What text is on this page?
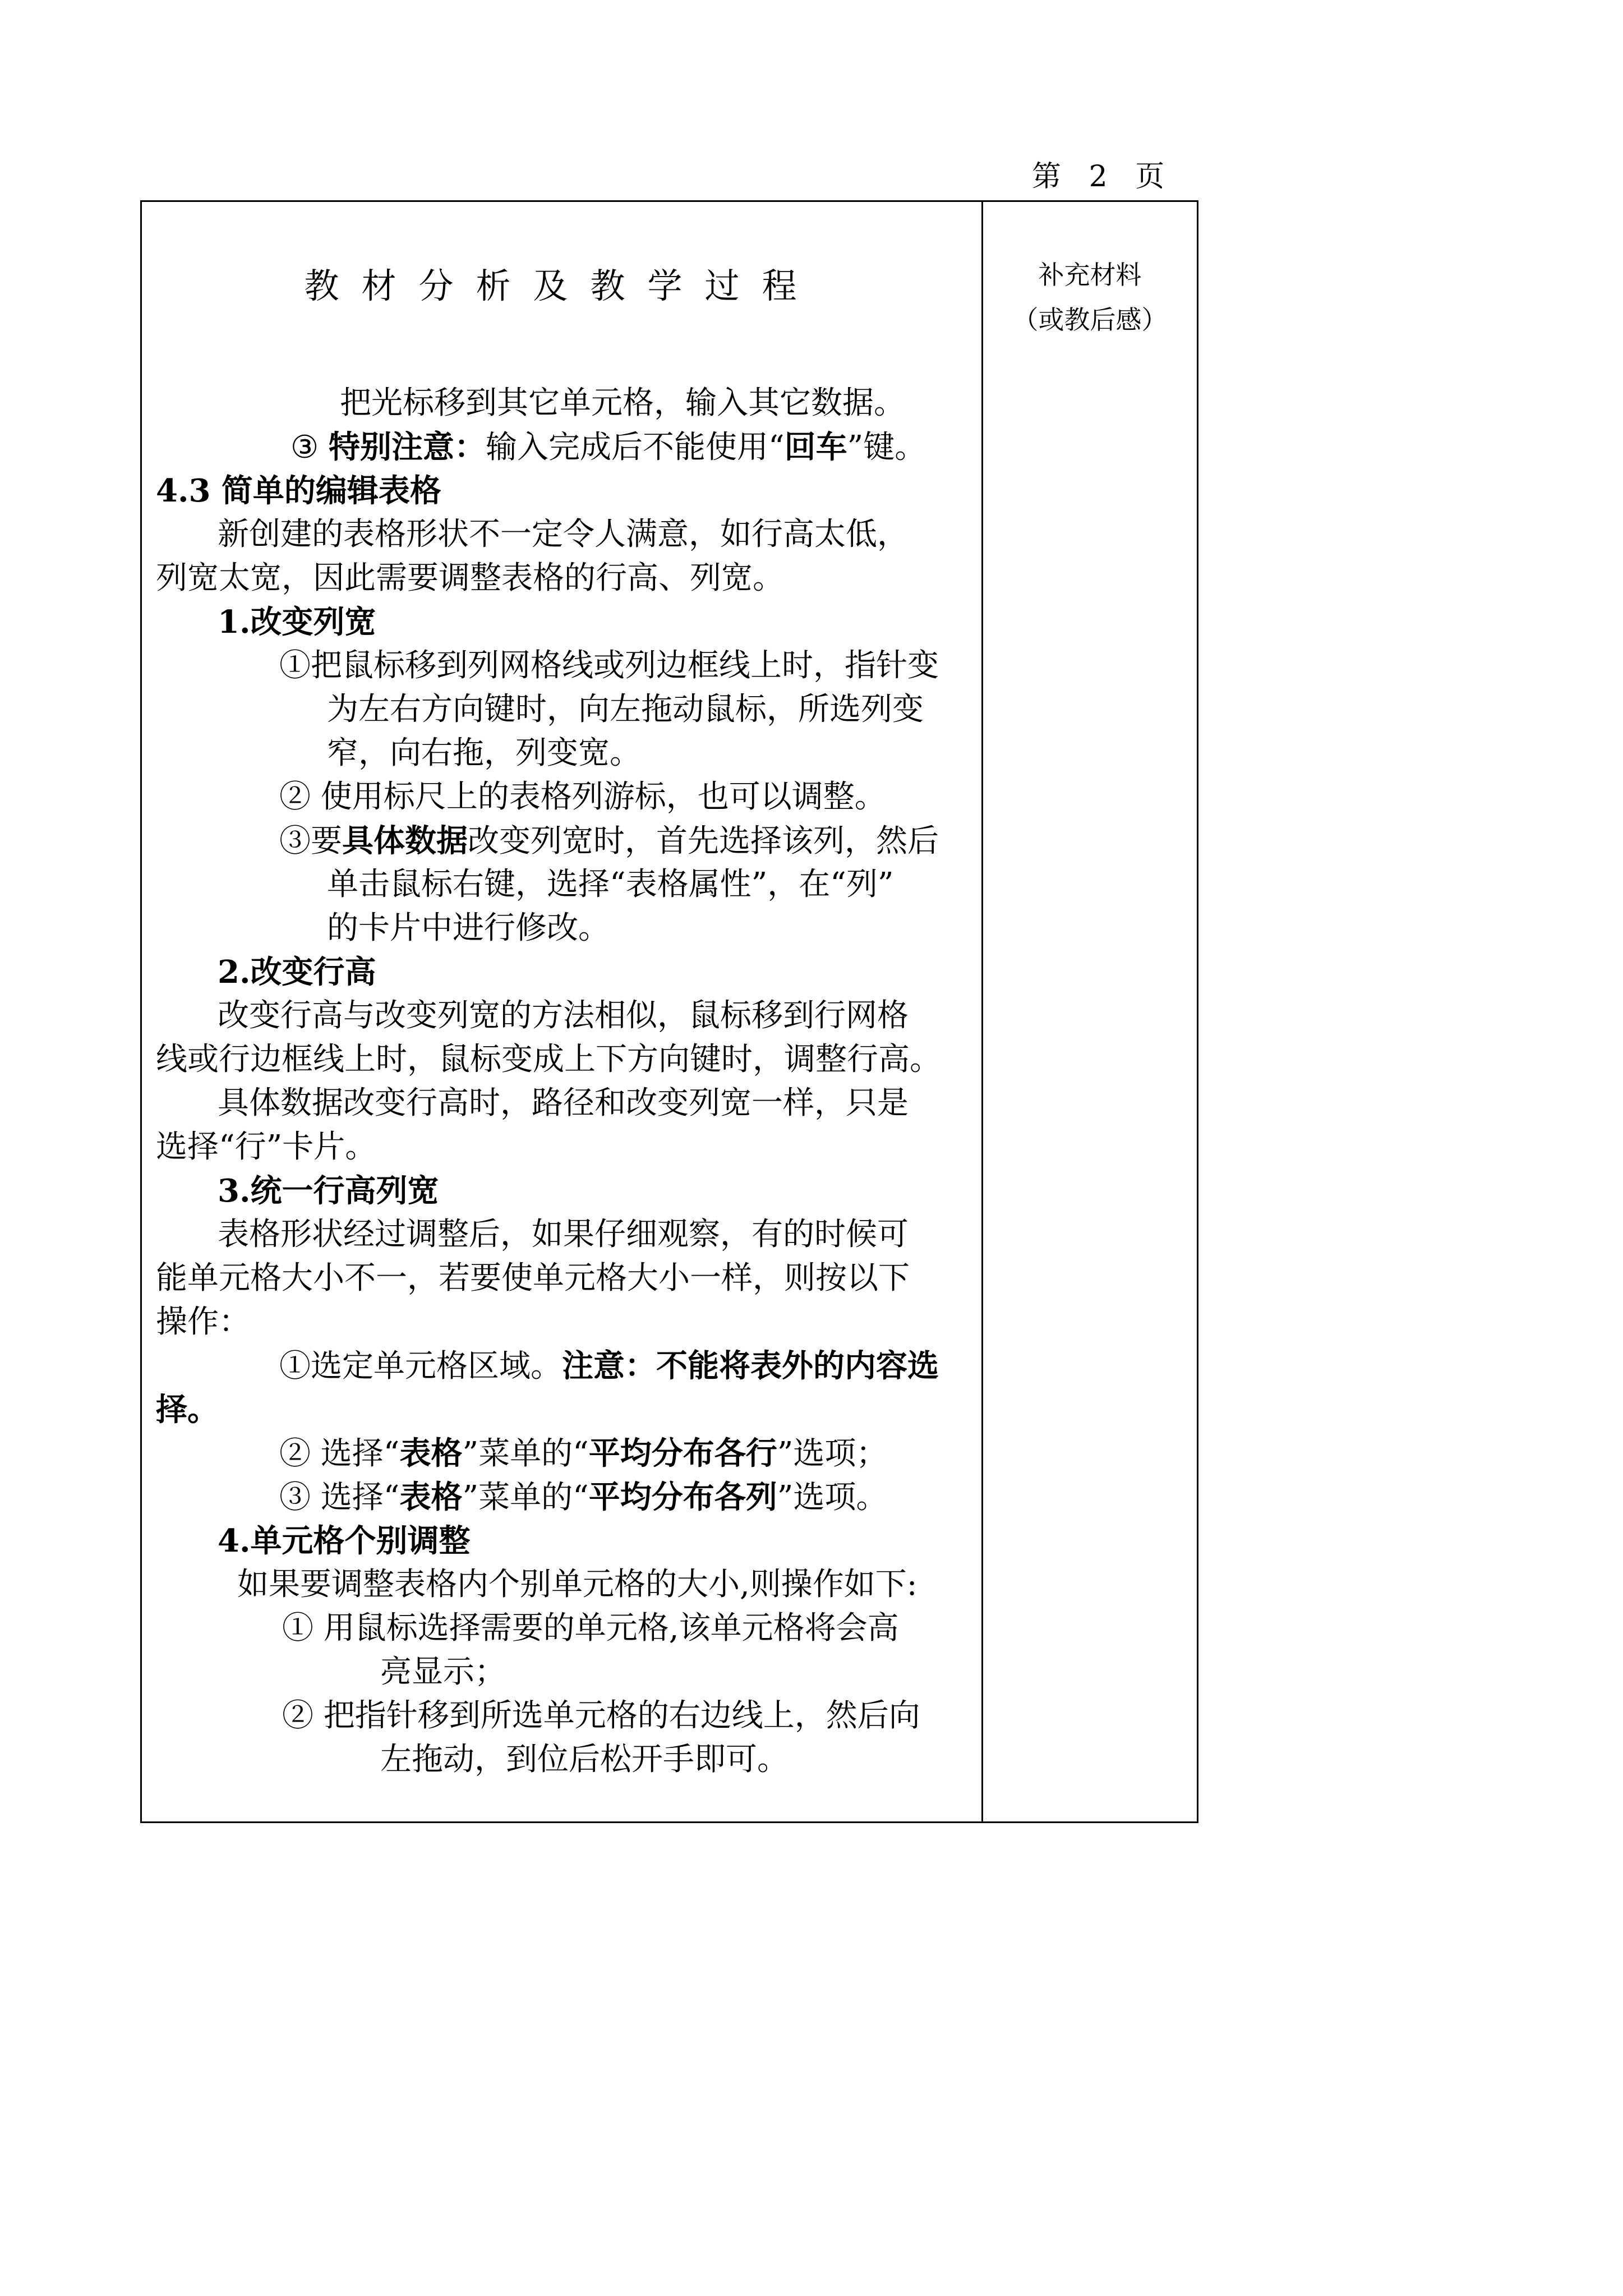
第   2   页
教材分析及教学过程	补充材料
（或教后感）
把光标移到其它单元格，输入其它数据。
③ 特别注意：输入完成后不能使用“回车”键。
4.3 简单的编辑表格
新创建的表格形状不一定令人满意，如行高太低，
列宽太宽，因此需要调整表格的行高、列宽。
1.改变列宽
①把鼠标移到列网格线或列边框线上时，指针变
为左右方向键时，向左拖动鼠标，所选列变
窄，向右拖，列变宽。
② 使用标尺上的表格列游标，也可以调整。
③要具体数据改变列宽时，首先选择该列，然后
单击鼠标右键，选择“表格属性”，在“列”
的卡片中进行修改。
2.改变行高
改变行高与改变列宽的方法相似，鼠标移到行网格
线或行边框线上时，鼠标变成上下方向键时，调整行高。
具体数据改变行高时，路径和改变列宽一样，只是
选择“行”卡片。
3.统一行高列宽
表格形状经过调整后，如果仔细观察，有的时候可
能单元格大小不一，若要使单元格大小一样，则按以下
操作：
①选定单元格区域。注意：不能将表外的内容选
择。
② 选择“表格”菜单的“平均分布各行”选项；
③ 选择“表格”菜单的“平均分布各列”选项。
4.单元格个别调整
如果要调整表格内个别单元格的大小,则操作如下:
① 用鼠标选择需要的单元格,该单元格将会高
亮显示；
② 把指针移到所选单元格的右边线上，然后向
左拖动，到位后松开手即可。
